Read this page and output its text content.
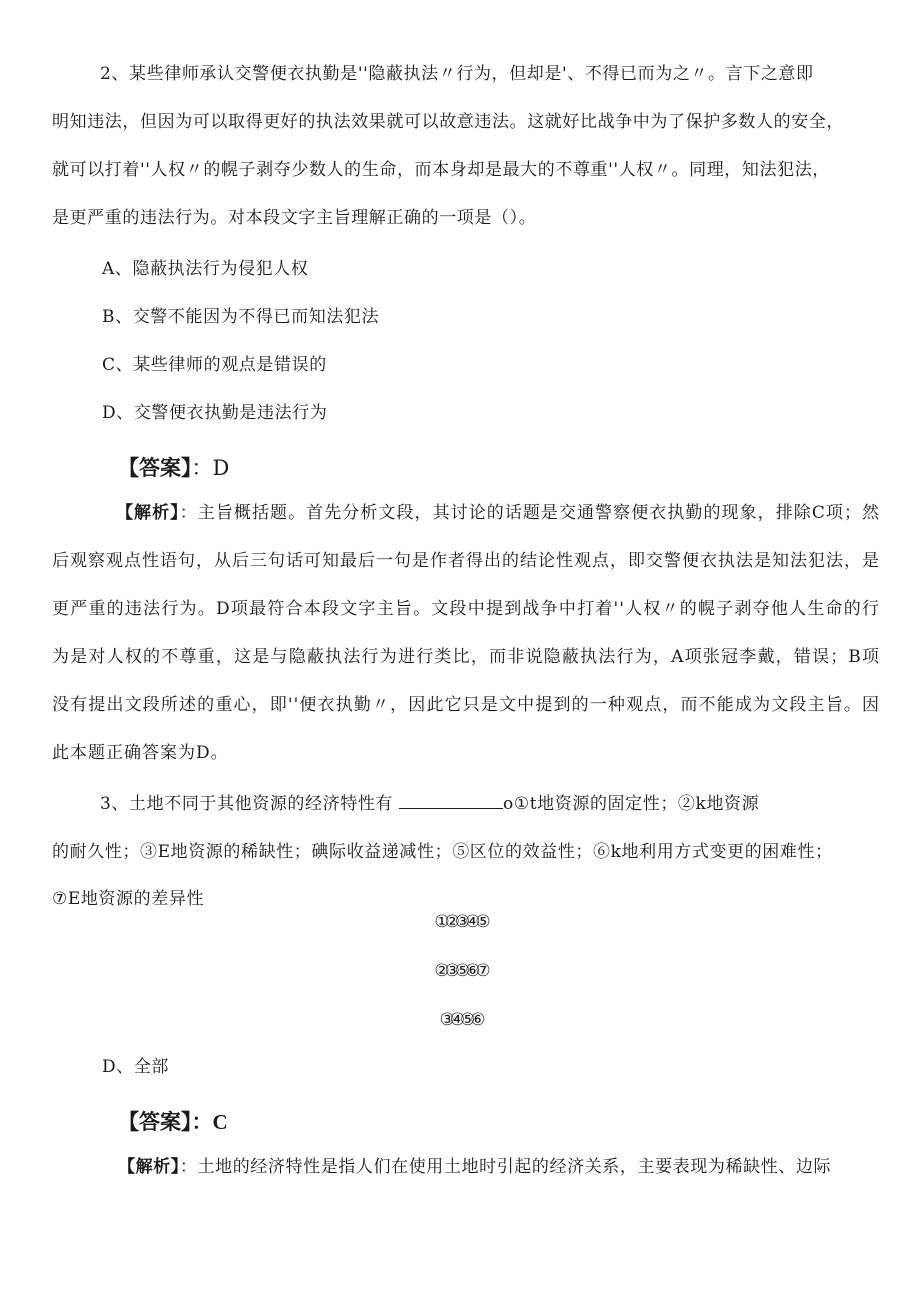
2、某些律师承认交警便衣执勤是''隐蔽执法〃行为，但却是'、不得已而为之〃。言下之意即
明知违法，但因为可以取得更好的执法效果就可以故意违法。这就好比战争中为了保护多数人的安全，
就可以打着''人权〃的幌子剥夺少数人的生命，而本身却是最大的不尊重''人权〃。同理，知法犯法，
是更严重的违法行为。对本段文字主旨理解正确的一项是（）。
A、隐蔽执法行为侵犯人权
B、交警不能因为不得已而知法犯法
C、某些律师的观点是错误的
D、交警便衣执勤是违法行为
【答案】：D
【解析】：主旨概括题。首先分析文段，其讨论的话题是交通警察便衣执勤的现象，排除C项；然后观察观点性语句，从后三句话可知最后一句是作者得出的结论性观点，即交警便衣执法是知法犯法，是更严重的违法行为。D项最符合本段文字主旨。文段中提到战争中打着''人权〃的幌子剥夺他人生命的行为是对人权的不尊重，这是与隐蔽执法行为进行类比，而非说隐蔽执法行为，A项张冠李戴，错误；B项没有提出文段所述的重心，即''便衣执勤〃，因此它只是文中提到的一种观点，而不能成为文段主旨。因此本题正确答案为D。
3、土地不同于其他资源的经济特性有	o①t地资源的固定性；②k地资源
的耐久性；③E地资源的稀缺性；碘际收益递减性；⑤区位的效益性；⑥k地利用方式变更的困难性；
⑦E地资源的差异性
①②③④⑤
②③⑤⑥⑦
③④⑤⑥
D、全部
【答案】：C
【解析】：土地的经济特性是指人们在使用土地时引起的经济关系，主要表现为稀缺性、边际
